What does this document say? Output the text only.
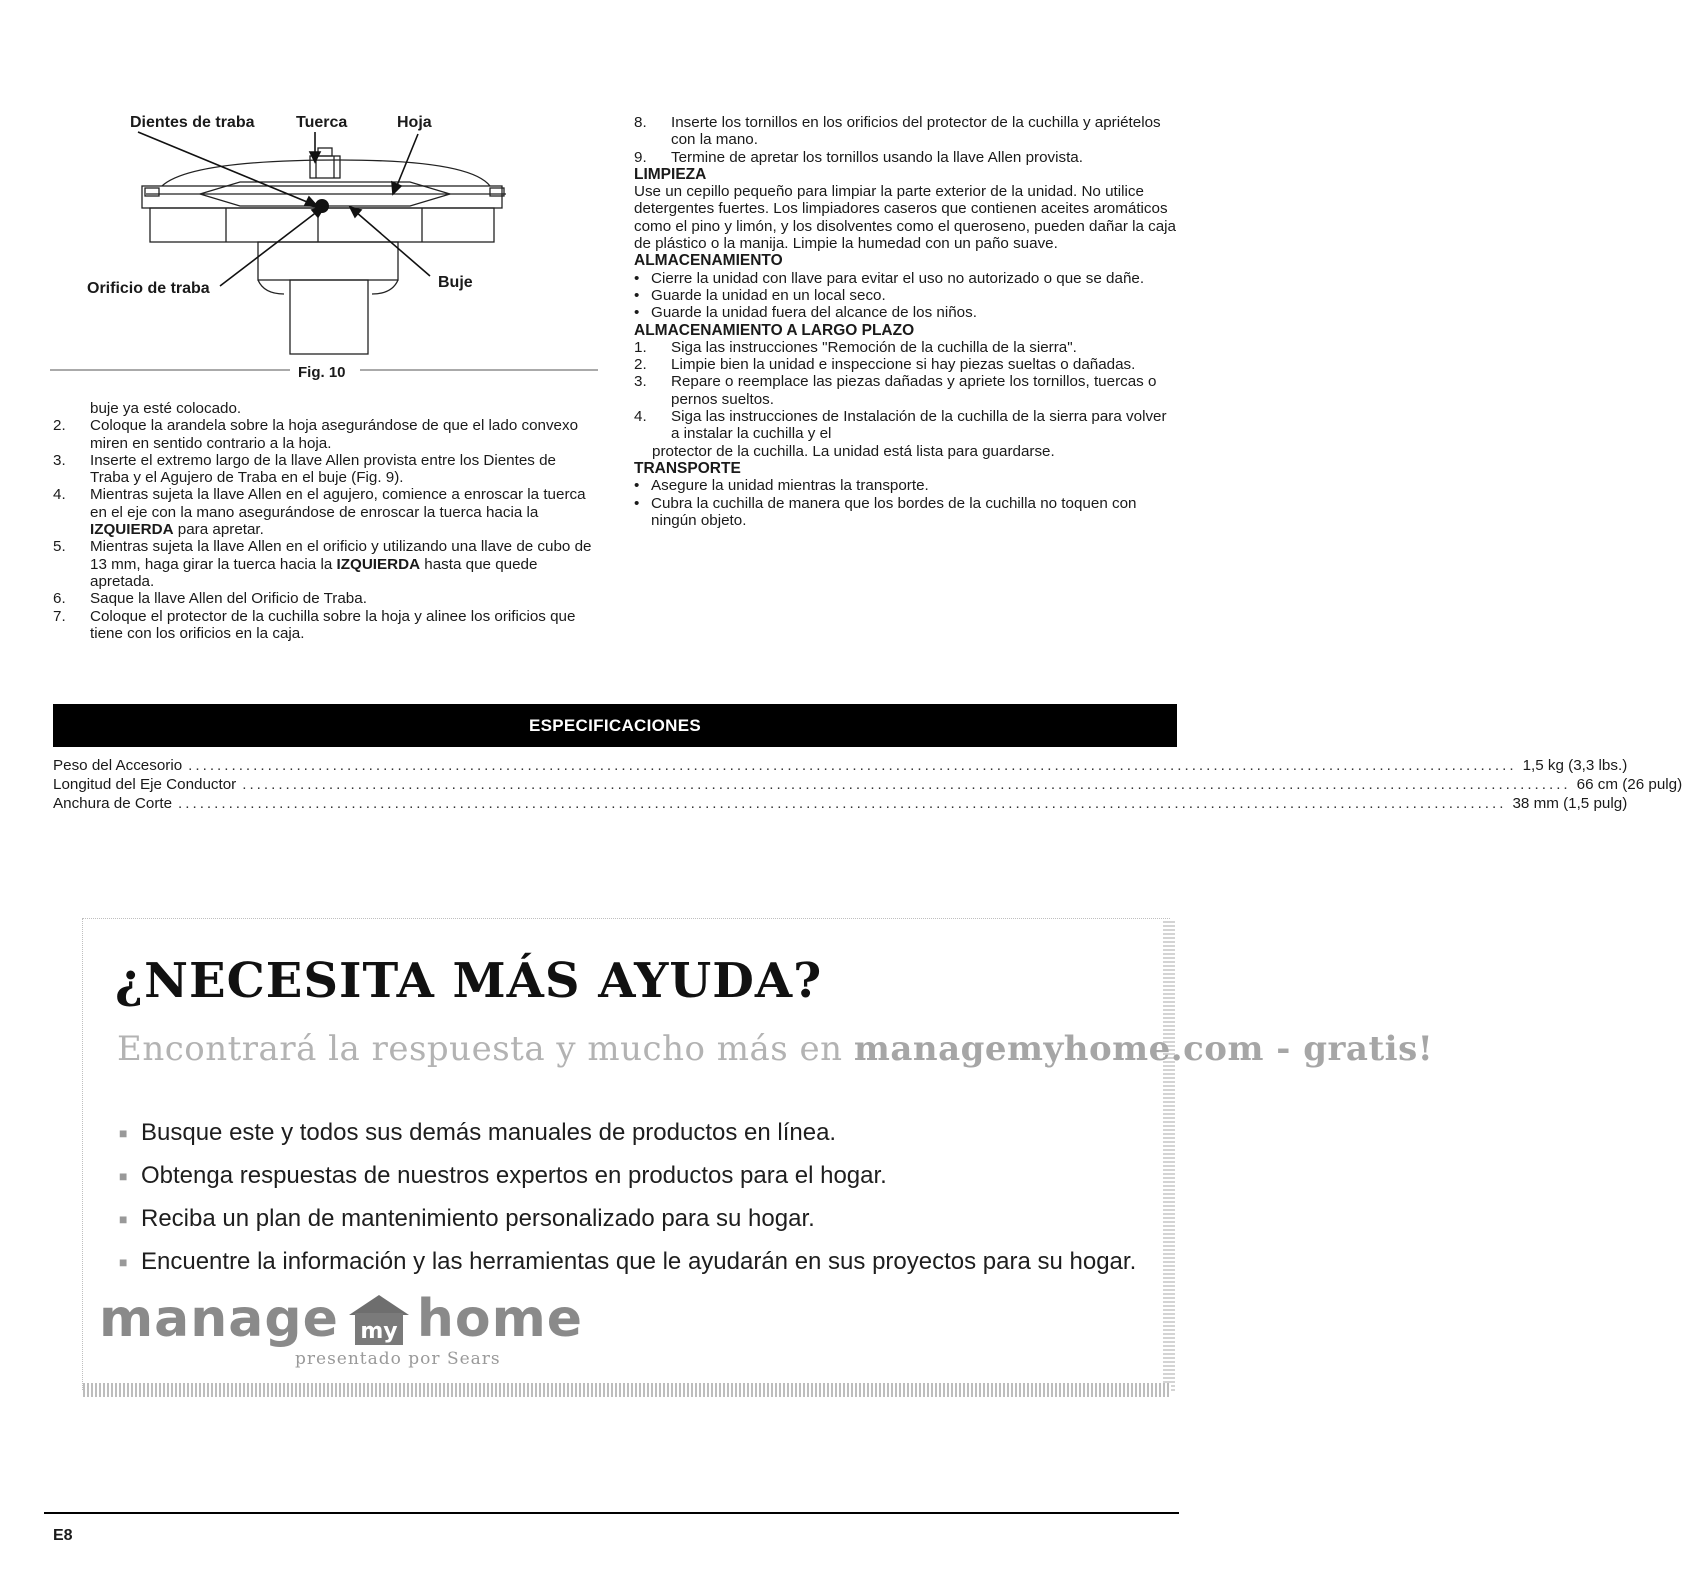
Dientes de traba	Tuerca	Hoja
Orificio de traba	Buje
Fig. 10
buje ya esté colocado.
2.	Coloque la arandela sobre la hoja asegurándose de que el lado convexo miren en sentido contrario a la hoja.
3.	Inserte el extremo largo de la llave Allen provista entre los Dientes de Traba y el Agujero de Traba en el buje (Fig. 9).
4.	Mientras sujeta la llave Allen en el agujero, comience a enroscar la tuerca en el eje con la mano asegurándose de enroscar la tuerca hacia la IZQUIERDA para apretar.
5.	Mientras sujeta la llave Allen en el orificio y utilizando una llave de cubo de 13 mm, haga girar la tuerca hacia la IZQUIERDA hasta que quede apretada.
6.	Saque la llave Allen del Orificio de Traba.
7.	Coloque el protector de la cuchilla sobre la hoja y alinee los orificios que tiene con los orificios en la caja.
8.	Inserte los tornillos en los orificios del protector de la cuchilla y apriételos con la mano.
9.	Termine de apretar los tornillos usando la llave Allen provista.

LIMPIEZA

Use un cepillo pequeño para limpiar la parte exterior de la unidad. No utilice detergentes fuertes. Los limpiadores caseros que contienen aceites aromáticos como el pino y limón, y los disolventes como el queroseno, pueden dañar la caja de plástico o la manija. Limpie la humedad con un paño suave.

ALMACENAMIENTO

• Cierre la unidad con llave para evitar el uso no autorizado o que se dañe.
• Guarde la unidad en un local seco.
• Guarde la unidad fuera del alcance de los niños.

ALMACENAMIENTO A LARGO PLAZO

1.	Siga las instrucciones "Remoción de la cuchilla de la sierra".
2.	Limpie bien la unidad e inspeccione si hay piezas sueltas o dañadas.
3.	Repare o reemplace las piezas dañadas y apriete los tornillos, tuercas o pernos sueltos.
4.	Siga las instrucciones de Instalación de la cuchilla de la sierra para volver a instalar la cuchilla y el

protector de la cuchilla. La unidad está lista para guardarse.

TRANSPORTE

• Asegure la unidad mientras la transporte.
• Cubra la cuchilla de manera que los bordes de la cuchilla no toquen con ningún objeto.
ESPECIFICACIONES
Peso del Accesorio ........................................................................................................................................................................................ 1,5 kg (3,3 lbs.)
Longitud del Eje Conductor ........................................................................................................................................................................................ 66 cm (26 pulg)
Anchura de Corte ........................................................................................................................................................................................ 38 mm (1,5 pulg)
¿NECESITA MÁS AYUDA?
Encontrará la respuesta y mucho más en managemyhome.com - gratis!
■ Busque este y todos sus demás manuales de productos en línea.
■ Obtenga respuestas de nuestros expertos en productos para el hogar.
■ Reciba un plan de mantenimiento personalizado para su hogar.
■ Encuentre la información y las herramientas que le ayudarán en sus proyectos para su hogar.
manage my home
presentado por Sears
E8
